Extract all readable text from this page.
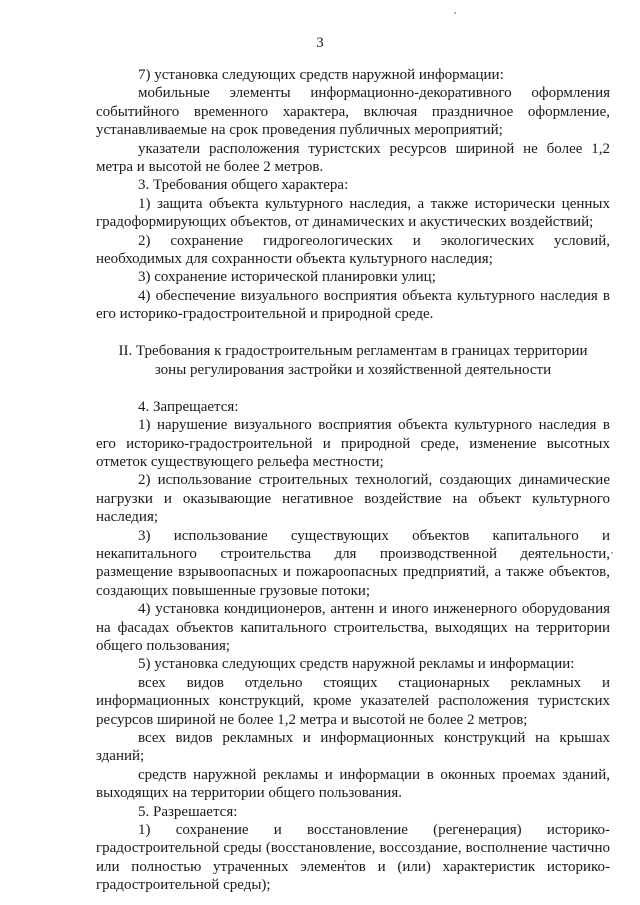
3

7) установка следующих средств наружной информации:

мобильные элементы информационно-декоративного оформления событийного временного характера, включая праздничное оформление, устанавливаемые на срок проведения публичных мероприятий;

указатели расположения туристских ресурсов шириной не более 1,2 метра и высотой не более 2 метров.

3. Требования общего характера:

1) защита объекта культурного наследия, а также исторически ценных градоформирующих объектов, от динамических и акустических воздействий;

2) сохранение гидрогеологических и экологических условий, необходимых для сохранности объекта культурного наследия;

3) сохранение исторической планировки улиц;

4) обеспечение визуального восприятия объекта культурного наследия в его историко-градостроительной и природной среде.

II. Требования к градостроительным регламентам в границах территории
зоны регулирования застройки и хозяйственной деятельности

4. Запрещается:

1) нарушение визуального восприятия объекта культурного наследия в его историко-градостроительной и природной среде, изменение высотных отметок существующего рельефа местности;

2) использование строительных технологий, создающих динамические нагрузки и оказывающие негативное воздействие на объект культурного наследия;

3) использование существующих объектов капитального и некапитального строительства для производственной деятельности, размещение взрывоопасных и пожароопасных предприятий, а также объектов, создающих повышенные грузовые потоки;

4) установка кондиционеров, антенн и иного инженерного оборудования на фасадах объектов капитального строительства, выходящих на территории общего пользования;

5) установка следующих средств наружной рекламы и информации:

всех видов отдельно стоящих стационарных рекламных и информационных конструкций, кроме указателей расположения туристских ресурсов шириной не более 1,2 метра и высотой не более 2 метров;

всех видов рекламных и информационных конструкций на крышах зданий;

средств наружной рекламы и информации в оконных проемах зданий, выходящих на территории общего пользования.

5. Разрешается:

1) сохранение и восстановление (регенерация) историко-градостроительной среды (восстановление, воссоздание, восполнение частично или полностью утраченных элементов и (или) характеристик историко-градостроительной среды);
